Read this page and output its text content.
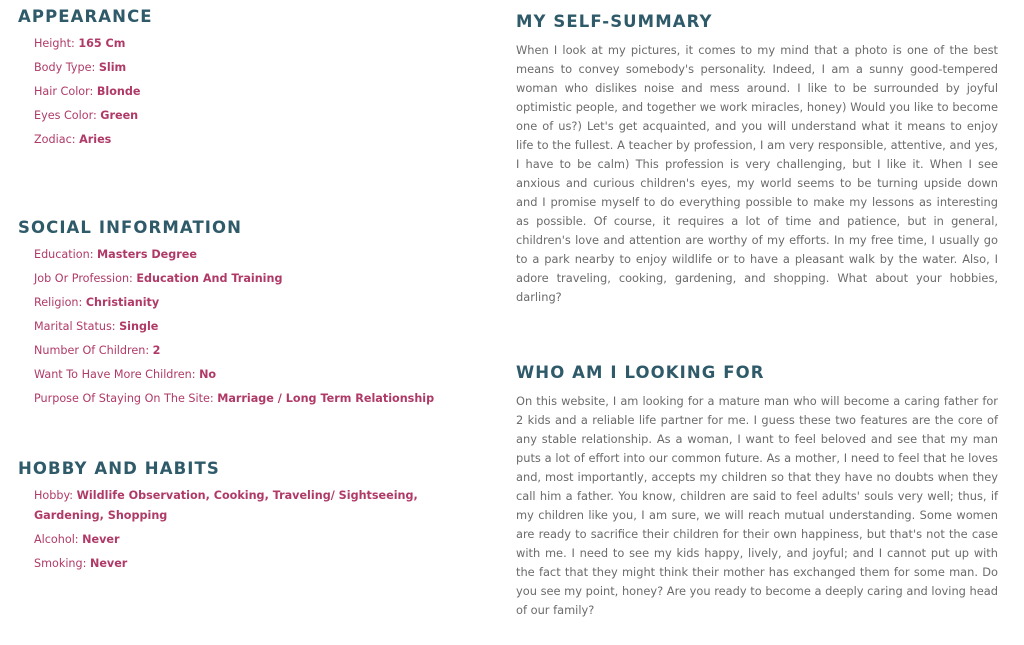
APPEARANCE
Height: 165 Cm
Body Type: Slim
Hair Color: Blonde
Eyes Color: Green
Zodiac: Aries
SOCIAL INFORMATION
Education: Masters Degree
Job Or Profession: Education And Training
Religion: Christianity
Marital Status: Single
Number Of Children: 2
Want To Have More Children: No
Purpose Of Staying On The Site: Marriage / Long Term Relationship
HOBBY AND HABITS
Hobby: Wildlife Observation, Cooking, Traveling/ Sightseeing, Gardening, Shopping
Alcohol: Never
Smoking: Never
MY SELF-SUMMARY

When I look at my pictures, it comes to my mind that a photo is one of the best means to convey somebody's personality. Indeed, I am a sunny good-tempered woman who dislikes noise and mess around. I like to be surrounded by joyful optimistic people, and together we work miracles, honey) Would you like to become one of us?) Let's get acquainted, and you will understand what it means to enjoy life to the fullest. A teacher by profession, I am very responsible, attentive, and yes, I have to be calm) This profession is very challenging, but I like it. When I see anxious and curious children's eyes, my world seems to be turning upside down and I promise myself to do everything possible to make my lessons as interesting as possible. Of course, it requires a lot of time and patience, but in general, children's love and attention are worthy of my efforts. In my free time, I usually go to a park nearby to enjoy wildlife or to have a pleasant walk by the water. Also, I adore traveling, cooking, gardening, and shopping. What about your hobbies, darling?

WHO AM I LOOKING FOR

On this website, I am looking for a mature man who will become a caring father for 2 kids and a reliable life partner for me. I guess these two features are the core of any stable relationship. As a woman, I want to feel beloved and see that my man puts a lot of effort into our common future. As a mother, I need to feel that he loves and, most importantly, accepts my children so that they have no doubts when they call him a father. You know, children are said to feel adults' souls very well; thus, if my children like you, I am sure, we will reach mutual understanding. Some women are ready to sacrifice their children for their own happiness, but that's not the case with me. I need to see my kids happy, lively, and joyful; and I cannot put up with the fact that they might think their mother has exchanged them for some man. Do you see my point, honey? Are you ready to become a deeply caring and loving head of our family?
